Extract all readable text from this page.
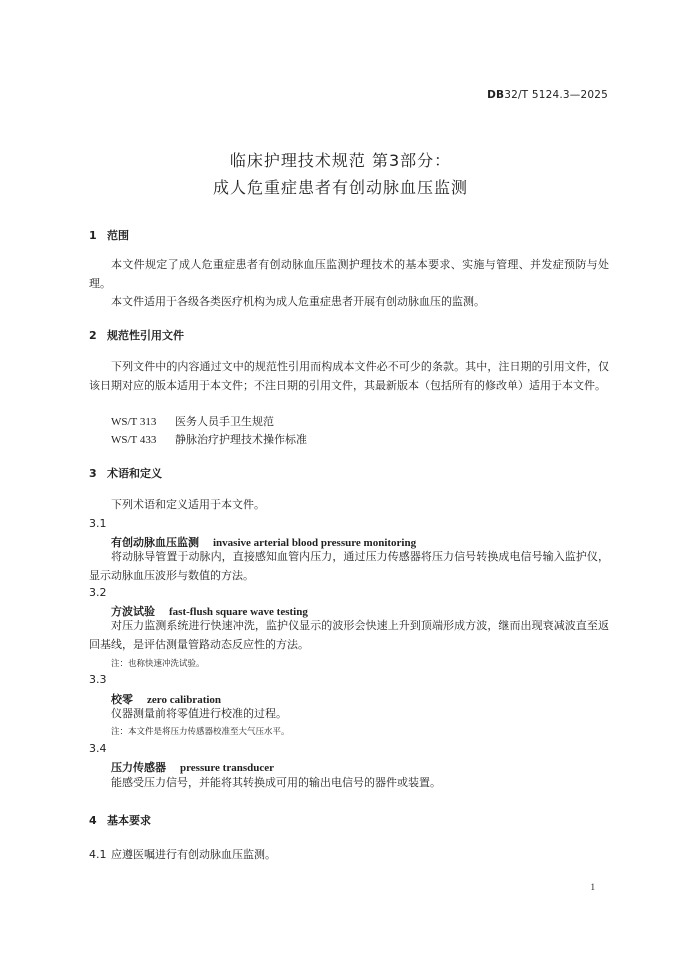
DB32/T 5124.3—2025
临床护理技术规范 第3部分：
成人危重症患者有创动脉血压监测
1 范围
本文件规定了成人危重症患者有创动脉血压监测护理技术的基本要求、实施与管理、并发症预防与处理。
本文件适用于各级各类医疗机构为成人危重症患者开展有创动脉血压的监测。
2 规范性引用文件
下列文件中的内容通过文中的规范性引用而构成本文件必不可少的条款。其中，注日期的引用文件，仅该日期对应的版本适用于本文件；不注日期的引用文件，其最新版本（包括所有的修改单）适用于本文件。
WS/T 313 医务人员手卫生规范
WS/T 433 静脉治疗护理技术操作标准
3 术语和定义
下列术语和定义适用于本文件。
3.1
有创动脉血压监测 invasive arterial blood pressure monitoring
将动脉导管置于动脉内，直接感知血管内压力，通过压力传感器将压力信号转换成电信号输入监护仪，显示动脉血压波形与数值的方法。
3.2
方波试验 fast-flush square wave testing
对压力监测系统进行快速冲洗，监护仪显示的波形会快速上升到顶端形成方波，继而出现衰减波直至返回基线，是评估测量管路动态反应性的方法。
注：也称快速冲洗试验。
3.3
校零 zero calibration
仪器测量前将零值进行校准的过程。
注：本文件是将压力传感器校准至大气压水平。
3.4
压力传感器 pressure transducer
能感受压力信号，并能将其转换成可用的输出电信号的器件或装置。
4 基本要求
4.1 应遵医嘱进行有创动脉血压监测。
1
